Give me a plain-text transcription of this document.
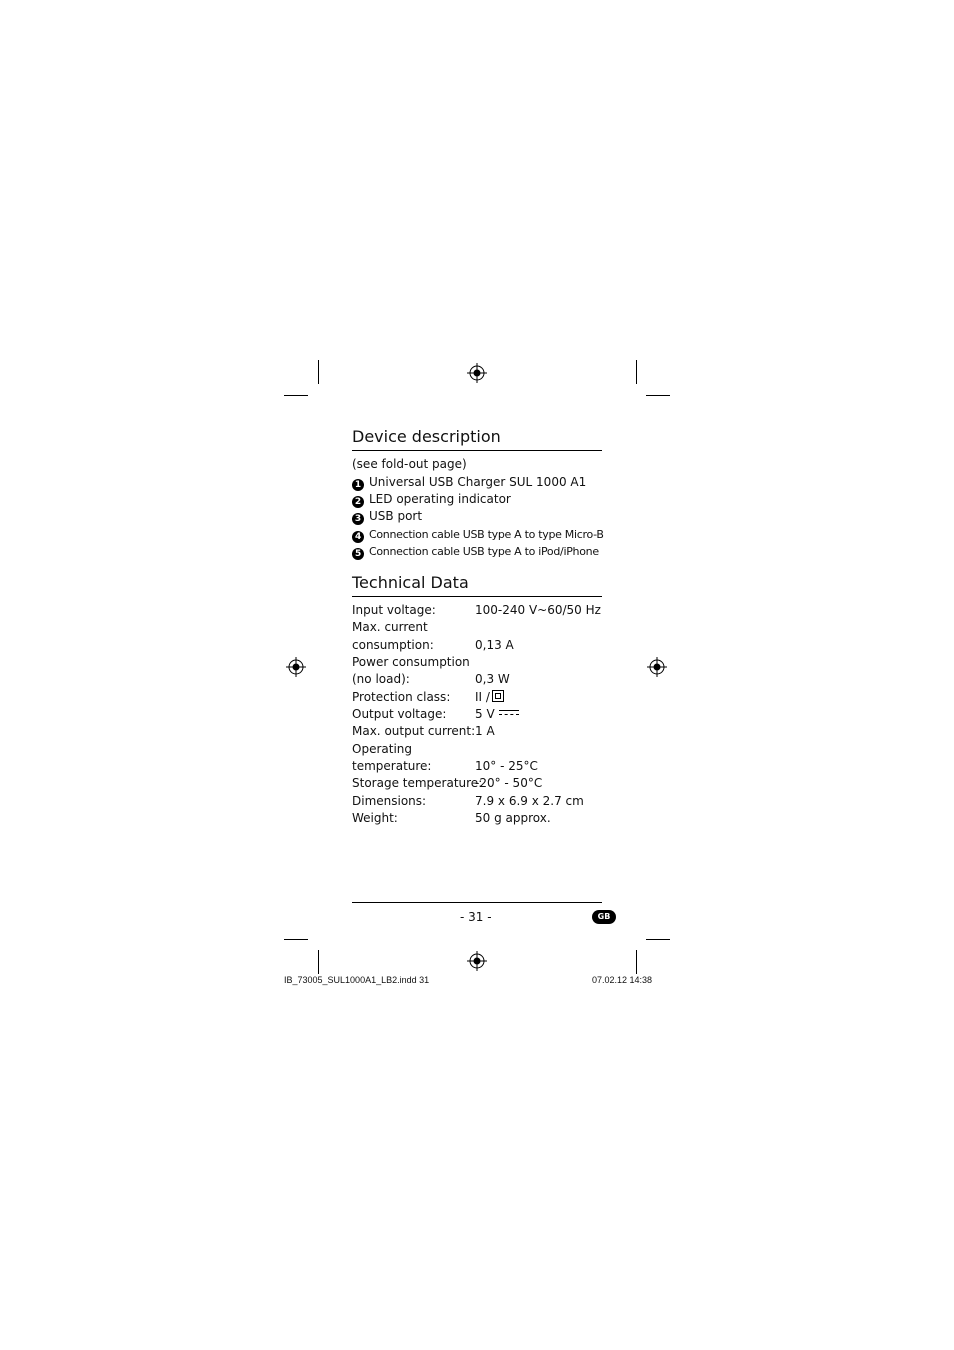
Device description
(see fold-out page)
1 Universal USB Charger SUL 1000 A1
2 LED operating indicator
3 USB port
4 Connection cable USB type A to type Micro-B
5 Connection cable USB type A to iPod/iPhone
Technical Data
Input voltage:	100-240 V~60/50 Hz
Max. current
consumption:	0,13 A
Power consumption
(no load):	0,3 W
Protection class: II /
Output voltage: 5 V
Max. output current: 1 A
Operating
temperature:	10° - 25°C
Storage temperature:
-20° - 50°C
Dimensions:	7.9 x 6.9 x 2.7 cm
Weight:	50 g approx.
- 31 -	GB
IB_73005_SUL1000A1_LB2.indd 31	07.02.12 14:38
